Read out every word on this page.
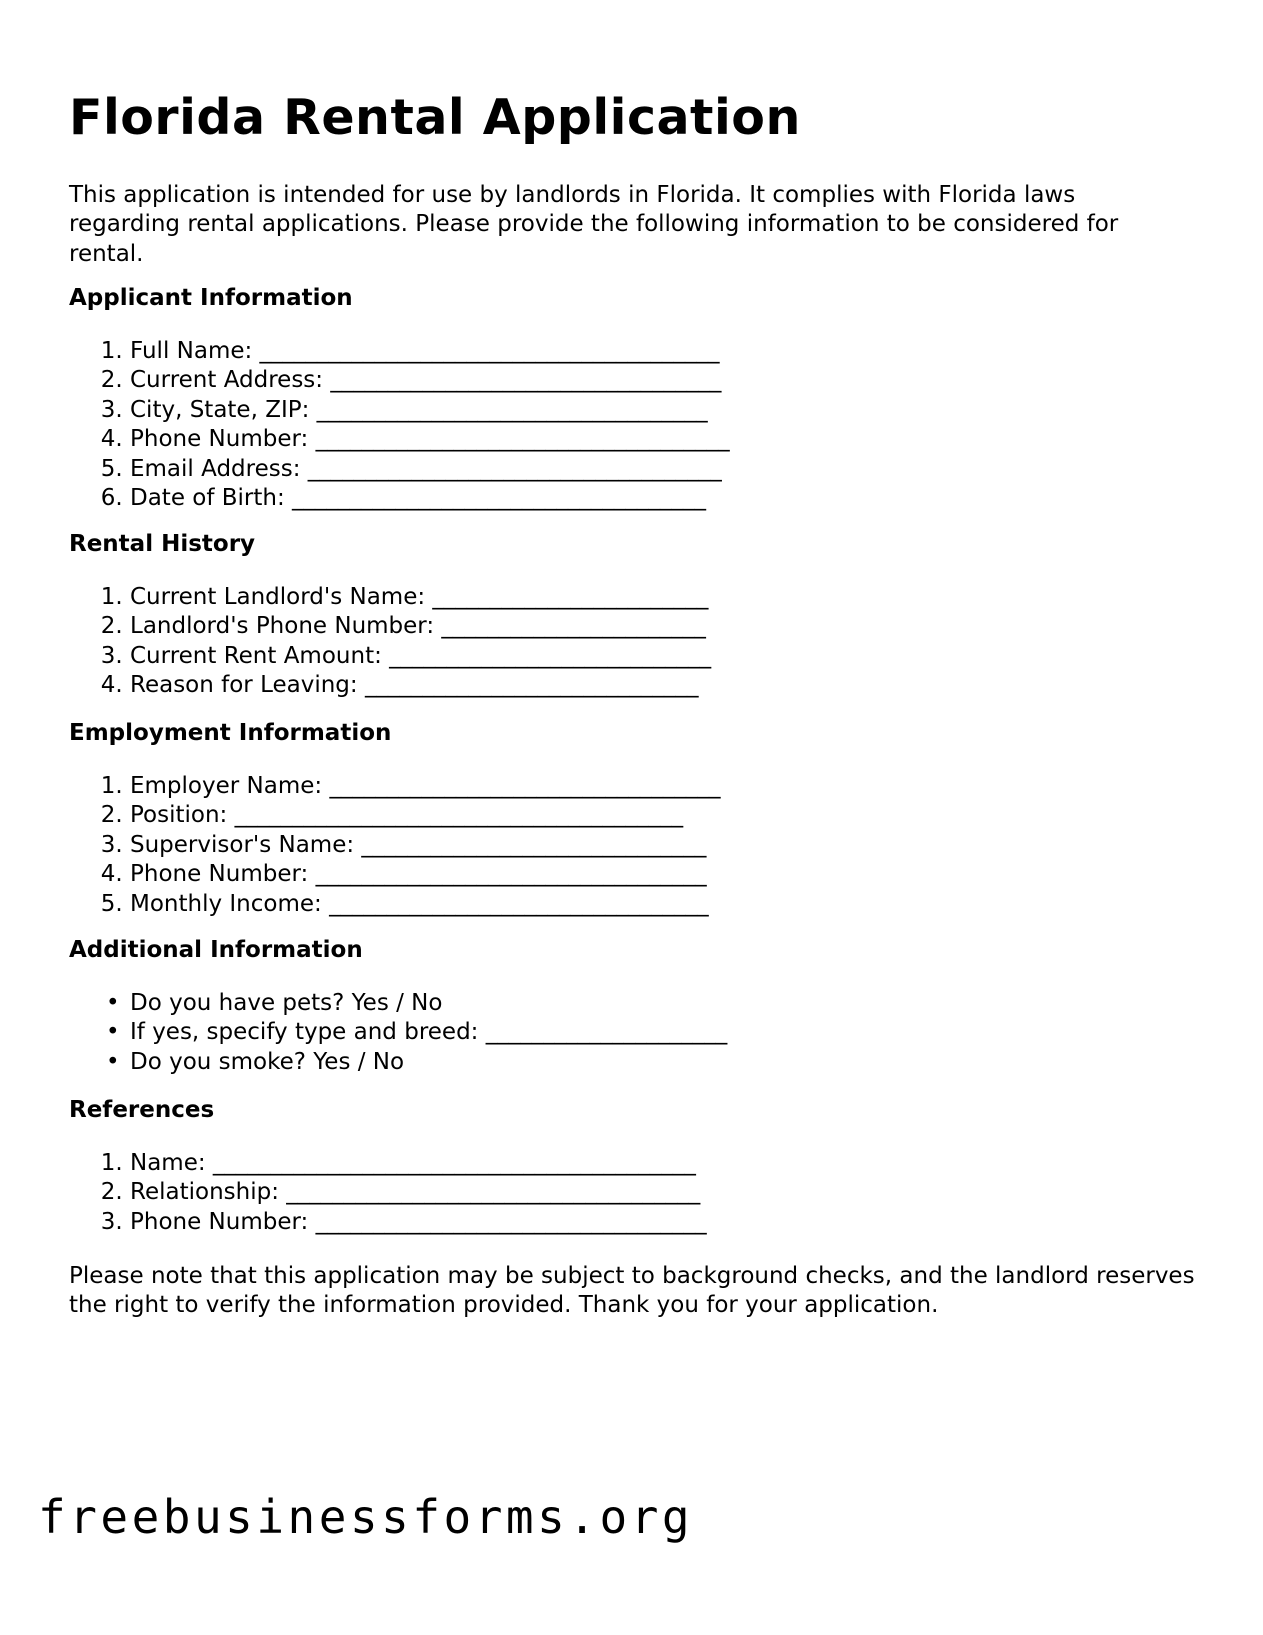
Florida Rental Application

This application is intended for use by landlords in Florida. It complies with Florida laws regarding rental applications. Please provide the following information to be considered for rental.

Applicant Information
1. Full Name: ________________________________________
2. Current Address: __________________________________
3. City, State, ZIP: __________________________________
4. Phone Number: ____________________________________
5. Email Address: ____________________________________
6. Date of Birth: ____________________________________
Rental History
1. Current Landlord's Name: ________________________
2. Landlord's Phone Number: _______________________
3. Current Rent Amount: ____________________________
4. Reason for Leaving: _____________________________
Employment Information
1. Employer Name: __________________________________
2. Position: _______________________________________
3. Supervisor's Name: ______________________________
4. Phone Number: __________________________________
5. Monthly Income: _________________________________
Additional Information
• Do you have pets? Yes / No
• If yes, specify type and breed: _____________________
• Do you smoke? Yes / No
References
1. Name: __________________________________________
2. Relationship: ____________________________________
3. Phone Number: __________________________________

Please note that this application may be subject to background checks, and the landlord reserves the right to verify the information provided. Thank you for your application.

freebusinessforms.org
